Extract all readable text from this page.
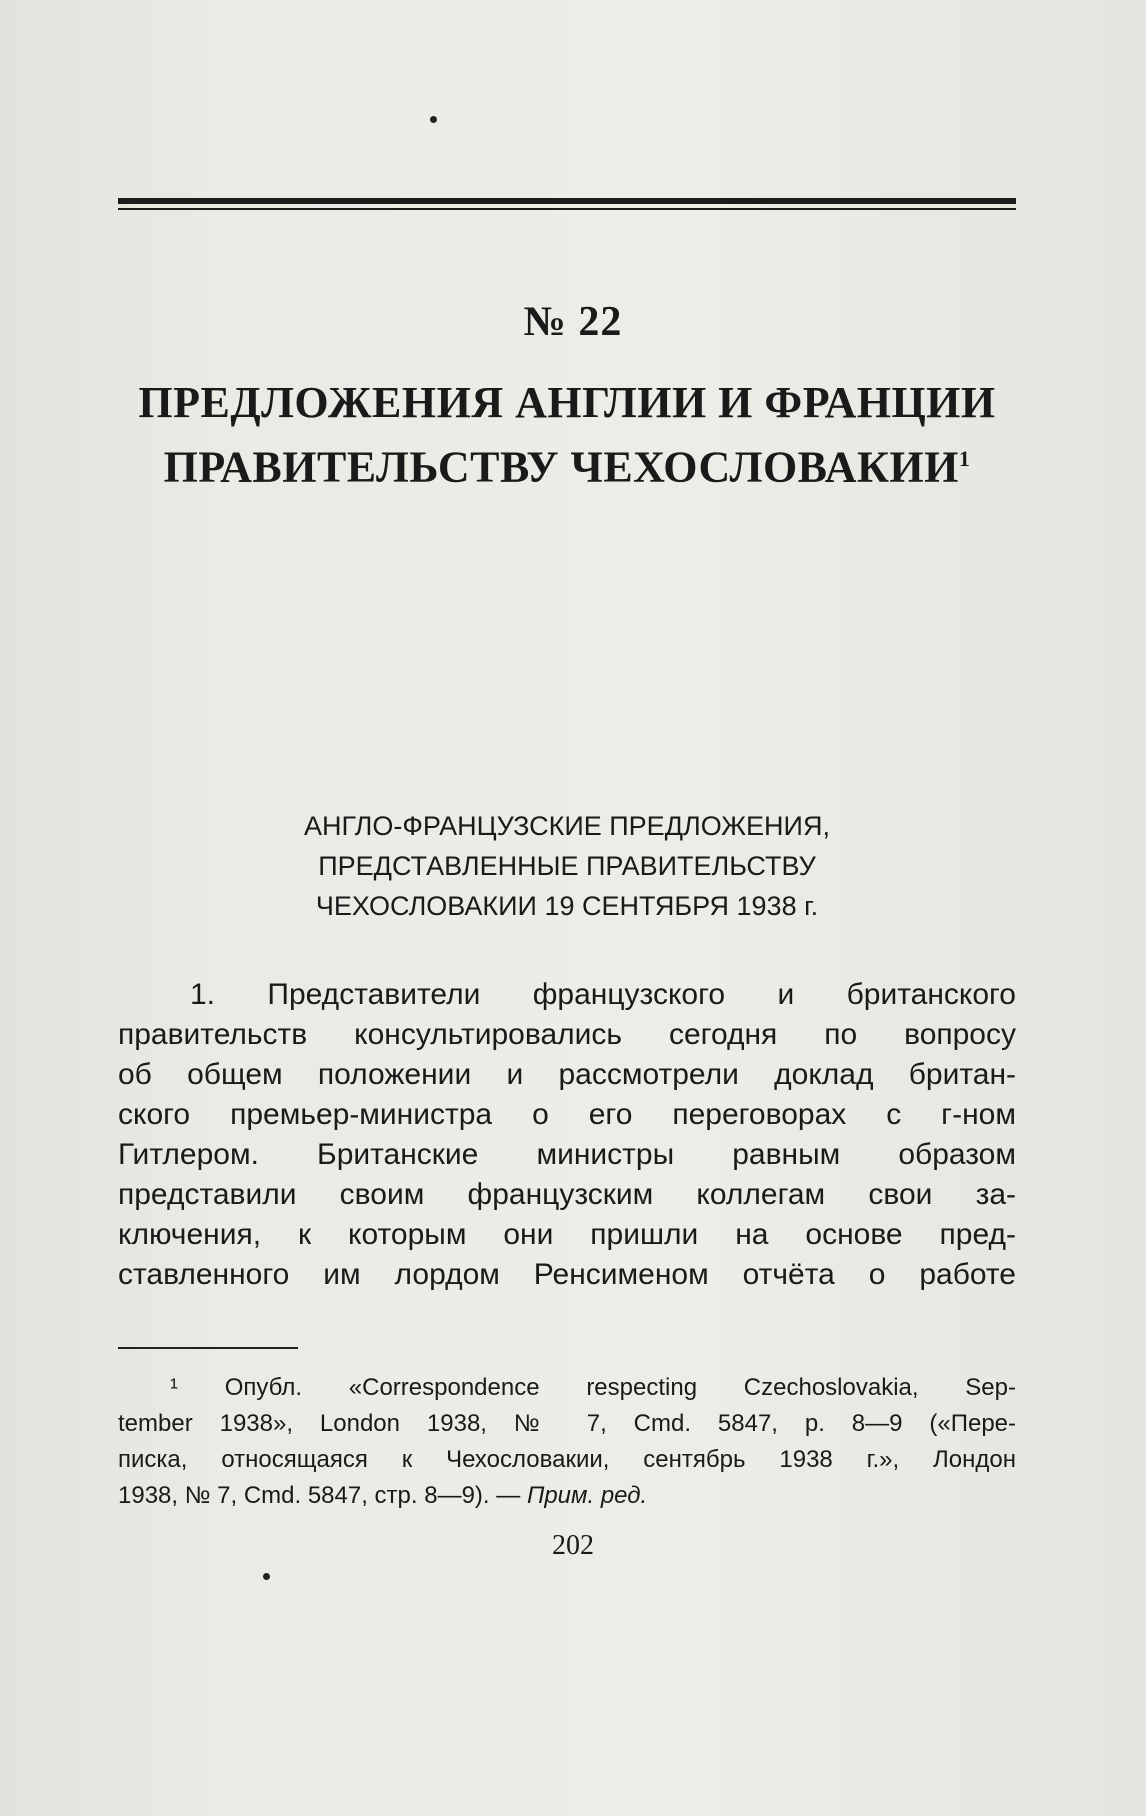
№ 22
ПРЕДЛОЖЕНИЯ АНГЛИИ И ФРАНЦИИ
ПРАВИТЕЛЬСТВУ ЧЕХОСЛОВАКИИ$^1$
АНГЛО-ФРАНЦУЗСКИЕ ПРЕДЛОЖЕНИЯ,
ПРЕДСТАВЛЕННЫЕ ПРАВИТЕЛЬСТВУ
ЧЕХОСЛОВАКИИ 19 СЕНТЯБРЯ 1938 г.
1. Представители французского и британского
правительств консультировались сегодня по вопросу
об общем положении и рассмотрели доклад британ-
ского премьер-министра о его переговорах с г-ном
Гитлером. Британские министры равным образом
представили своим французским коллегам свои за-
ключения, к которым они пришли на основе пред-
ставленного им лордом Ренсименом отчёта о работе
¹ Опубл. «Correspondence respecting Czechoslovakia, Sep-
tember 1938», London 1938, № 7, Cmd. 5847, p. 8—9 («Пере-
писка, относящаяся к Чехословакии, сентябрь 1938 г.», Лондон
1938, № 7, Cmd. 5847, стр. 8—9). — Прим. ред.
202
